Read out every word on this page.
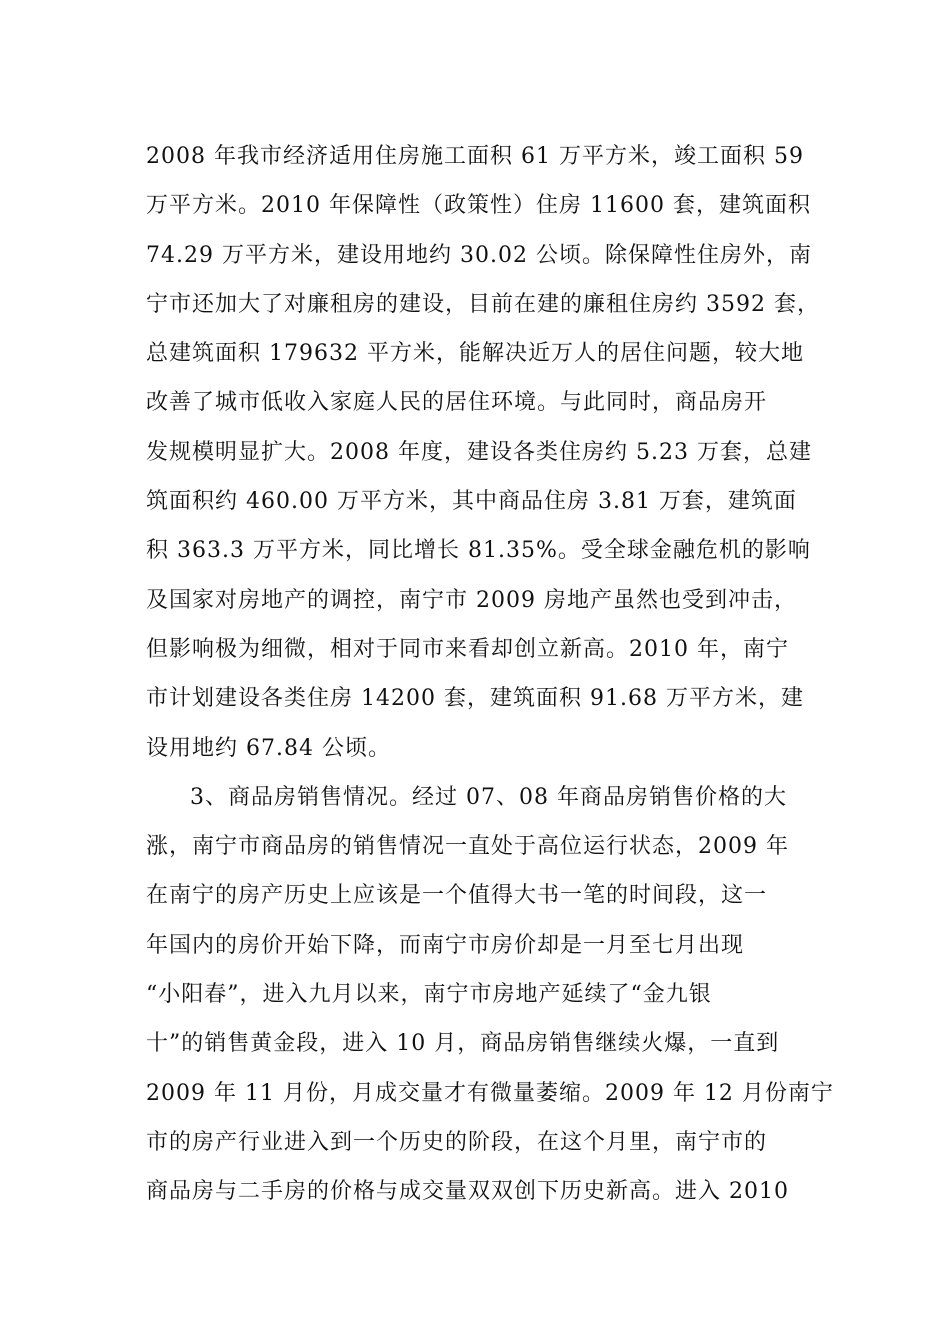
2008 年我市经济适用住房施工面积 61 万平方米，竣工面积 59
万平方米。2010 年保障性（政策性）住房 11600 套，建筑面积
74.29 万平方米，建设用地约 30.02 公顷。除保障性住房外，南
宁市还加大了对廉租房的建设，目前在建的廉租住房约 3592 套，
总建筑面积 179632 平方米，能解决近万人的居住问题，较大地
改善了城市低收入家庭人民的居住环境。与此同时，商品房开
发规模明显扩大。2008 年度，建设各类住房约 5.23 万套，总建
筑面积约 460.00 万平方米，其中商品住房 3.81 万套，建筑面
积 363.3 万平方米，同比增长 81.35%。受全球金融危机的影响
及国家对房地产的调控，南宁市 2009 房地产虽然也受到冲击，
但影响极为细微，相对于同市来看却创立新高。2010 年，南宁
市计划建设各类住房 14200 套，建筑面积 91.68 万平方米，建
设用地约 67.84 公顷。
3、商品房销售情况。经过 07、08 年商品房销售价格的大
涨，南宁市商品房的销售情况一直处于高位运行状态，2009 年
在南宁的房产历史上应该是一个值得大书一笔的时间段，这一
年国内的房价开始下降，而南宁市房价却是一月至七月出现
“小阳春”，进入九月以来，南宁市房地产延续了“金九银
十”的销售黄金段，进入 10 月，商品房销售继续火爆，一直到
2009 年 11 月份，月成交量才有微量萎缩。2009 年 12 月份南宁
市的房产行业进入到一个历史的阶段，在这个月里，南宁市的
商品房与二手房的价格与成交量双双创下历史新高。进入 2010
